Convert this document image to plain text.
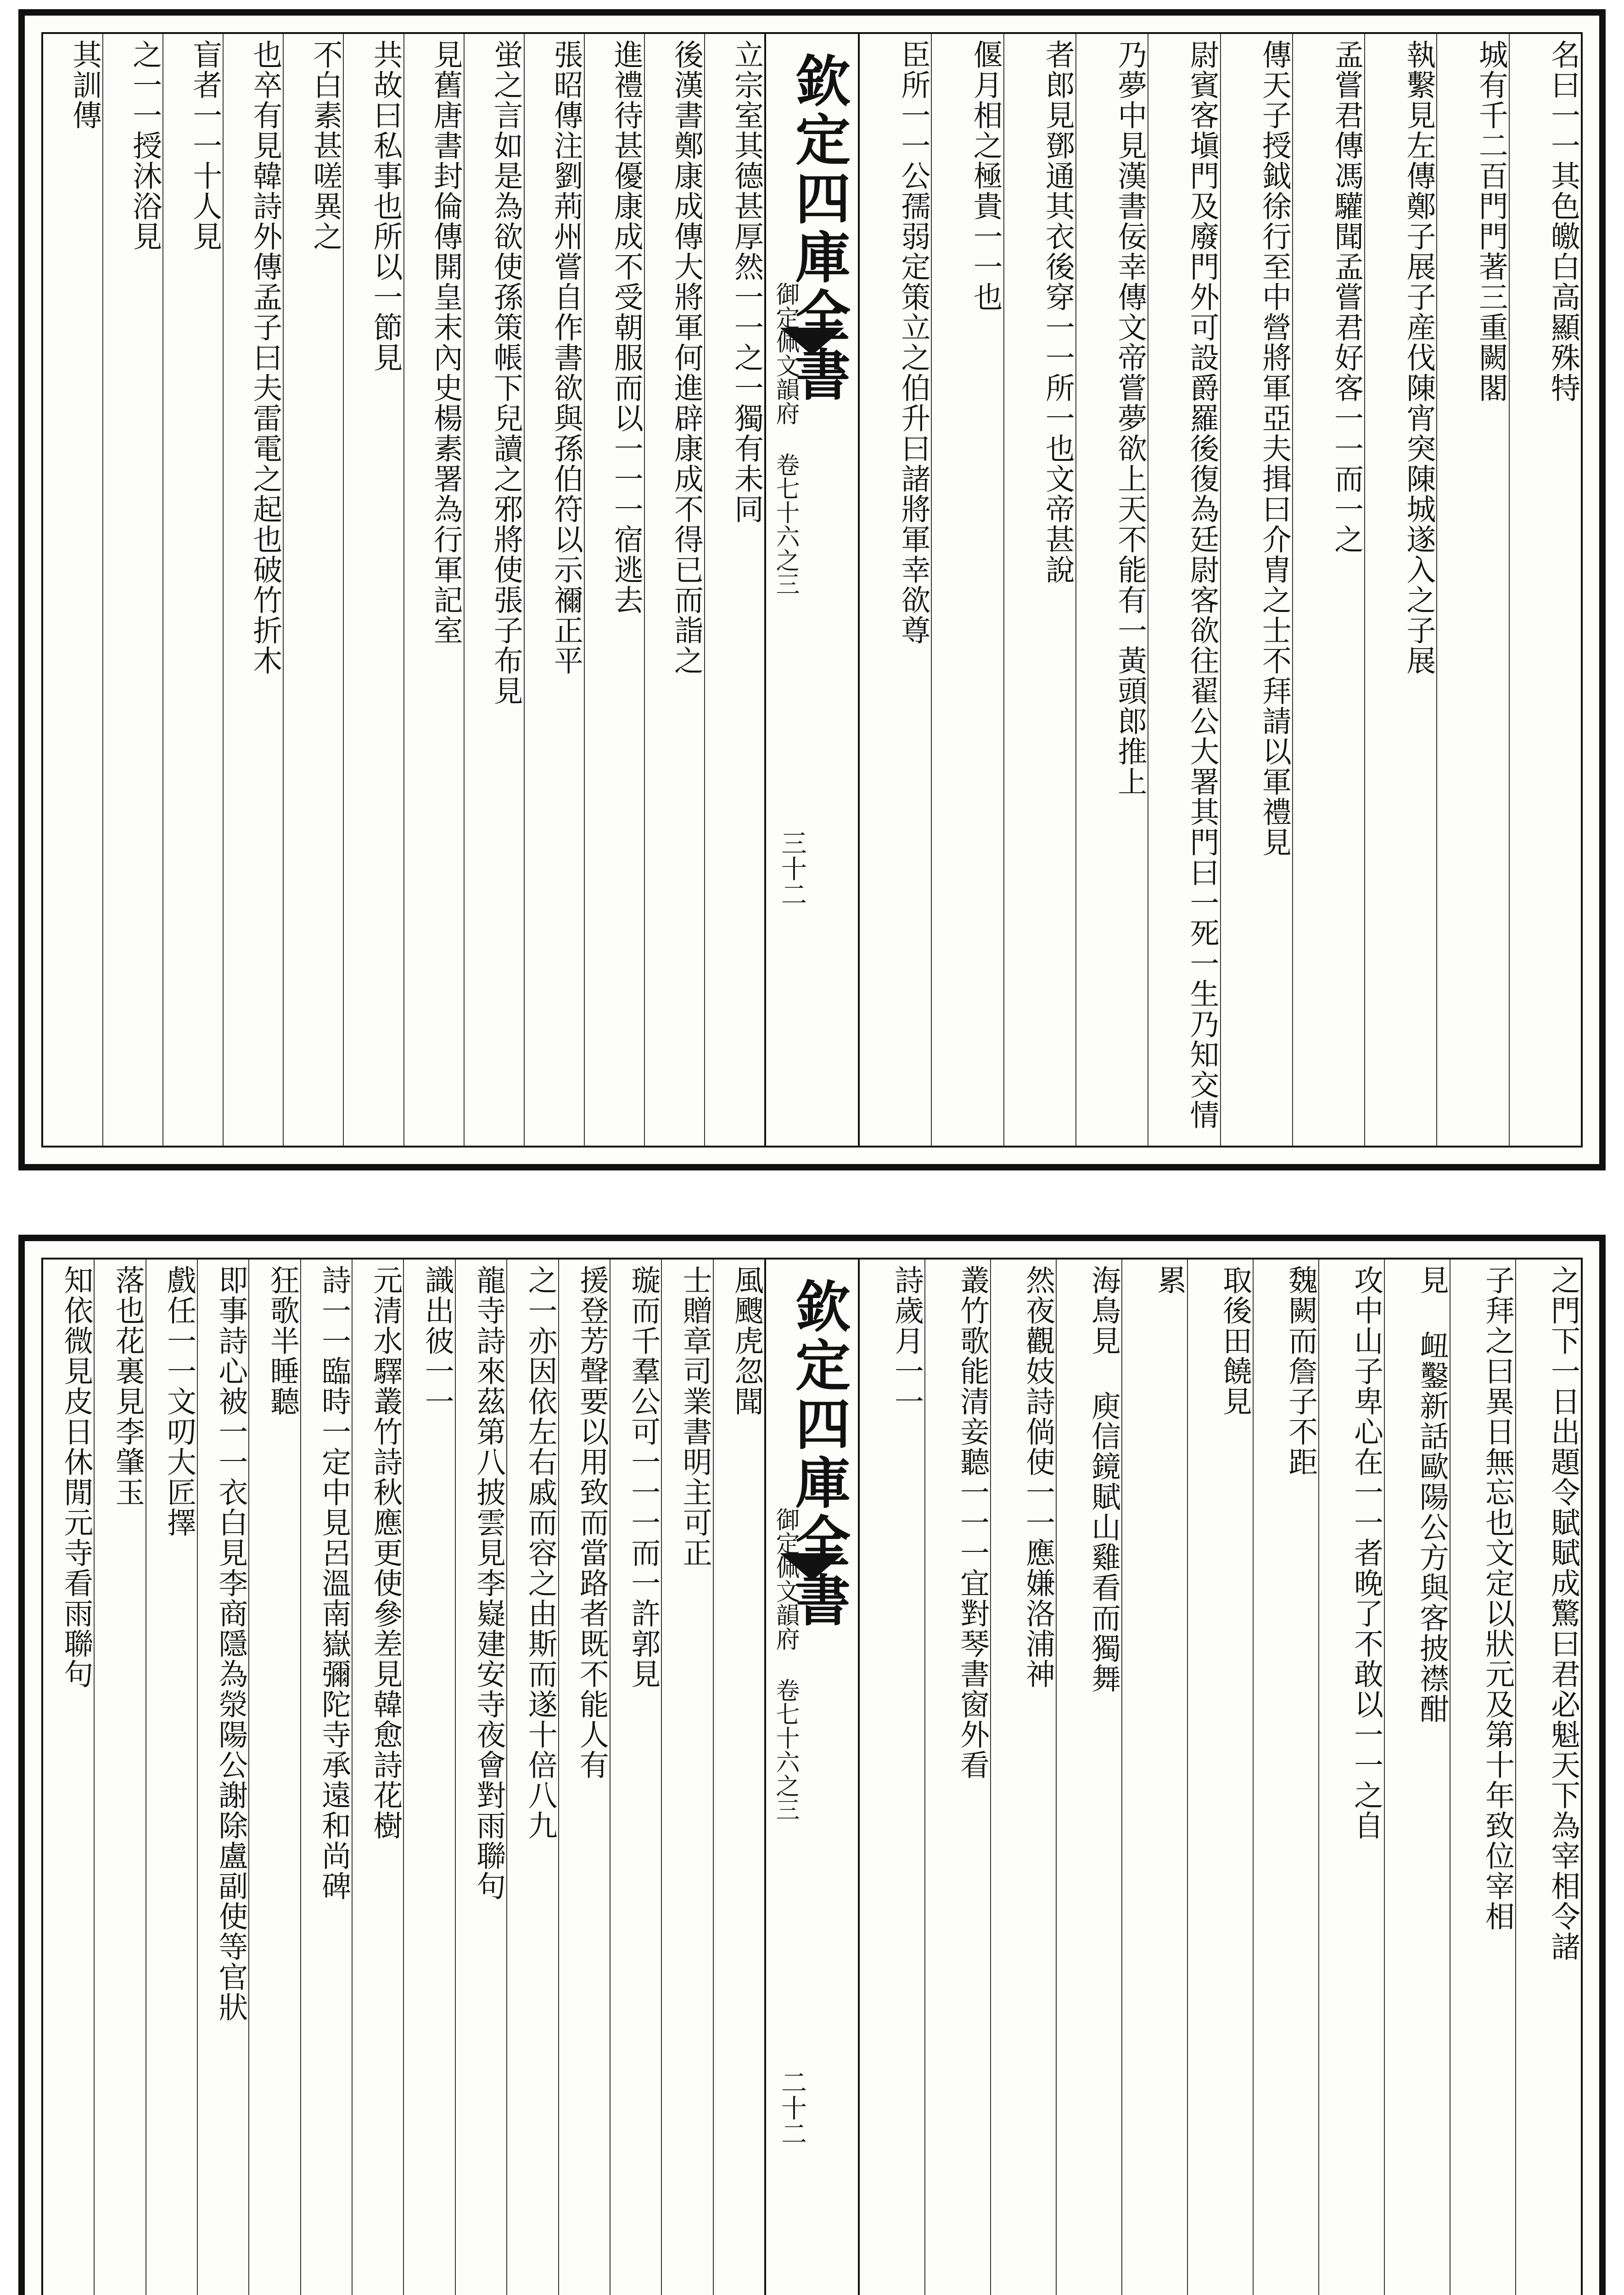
名曰一一其色皦白高顯殊特
城有千二百門門著三重闕閣
執繫見左傳鄭子展子産伐陳宵突陳城遂入之子展
孟嘗君傳馮驩聞孟嘗君好客一一而一之
傳天子授鉞徐行至中營將軍亞夫揖曰介胄之士不拜請以軍禮見
尉賓客塡門及廢門外可設爵羅後復為廷尉客欲往翟公大署其門曰一死一生乃知交情
乃夢中見漢書佞幸傳文帝嘗夢欲上天不能有一黃頭郎推上
者郎見鄧通其衣後穿一一所一也文帝甚說
偃月相之極貴一一也
臣所一一公孺弱定策立之伯升曰諸將軍幸欲尊
欽定四庫全書
御定佩文韻府 卷七十六之三
三十二
立宗室其德甚厚然一一之一獨有未同
後漢書鄭康成傳大將軍何進辟康成不得已而詣之
進禮待甚優康成不受朝服而以一一一宿逃去
張昭傳注劉荊州嘗自作書欲與孫伯符以示禰正平
蛍之言如是為欲使孫策帳下兒讀之邪將使張子布見
見舊唐書封倫傳開皇末內史楊素署為行軍記室
共故曰私事也所以一節見
不白素甚嗟異之
也卒有見韓詩外傳孟子曰夫雷電之起也破竹折木
盲者一一十人見
之一一授沐浴見
其訓傳
之門下一日出題令賦賦成驚曰君必魁天下為宰相令諸
子拜之曰異日無忘也文定以狀元及第十年致位宰相
見 衄鑿新話歐陽公方與客披襟酣
攻中山子卑心在一一者晚了不敢以一一之自
魏闕而詹子不距
取後田饒見
累
海鳥見 庾信鏡賦山雞看而獨舞
然夜觀妓詩倘使一一應嫌洛浦神
叢竹歌能清妾聽一一一宜對琴書窗外看
詩歲月一一
欽定四庫全書
御定佩文韻府 卷七十六之三
二十二
風颼虎忽聞
士贈章司業書明主可正
璇而千羣公可一一一而一許郭見
援登芳聲要以用致而當路者既不能人有
之一亦因依左右戚而容之由斯而遂十倍八九
龍寺詩來茲第八披雲見李嶷建安寺夜會對雨聯句
識出彼一一
元清水驛叢竹詩秋應更使參差見韓愈詩花樹
詩一一臨時一定中見呂溫南嶽彌陀寺承遠和尚碑
狂歌半睡聽
即事詩心被一一衣白見李商隱為滎陽公謝除盧副使等官狀
戲任一一文叨大匠擇
落也花裏見李肇玉
知依微見皮日休閒元寺看雨聯句
